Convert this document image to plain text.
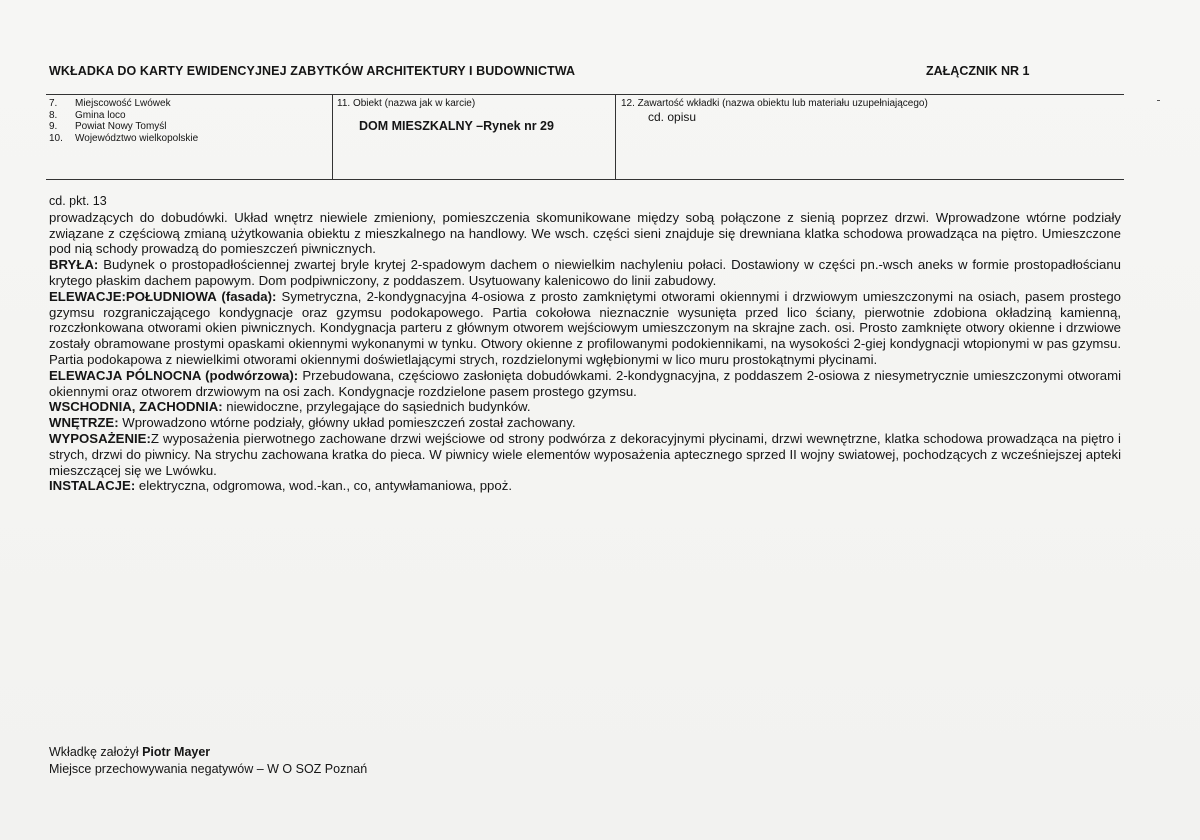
WKŁADKA DO KARTY EWIDENCYJNEJ ZABYTKÓW ARCHITEKTURY I BUDOWNICTWA	ZAŁĄCZNIK NR 1
7. Miejscowość Lwówek
8. Gmina loco
9. Powiat Nowy Tomyśl
10. Województwo wielkopolskie
11. Obiekt (nazwa jak w karcie)
DOM MIESZKALNY –Rynek nr 29
12. Zawartość wkładki (nazwa obiektu lub materiału uzupełniającego)
cd. opisu
cd. pkt. 13

prowadzących do dobudówki. Układ wnętrz niewiele zmieniony, pomieszczenia skomunikowane między sobą połączone z sienią poprzez drzwi. Wprowadzone wtórne podziały związane z częściową zmianą użytkowania obiektu z mieszkalnego na handlowy. We wsch. części sieni znajduje się drewniana klatka schodowa prowadząca na piętro. Umieszczone pod nią schody prowadzą do pomieszczeń piwnicznych.

BRYŁA: Budynek o prostopadłościennej zwartej bryle krytej 2-spadowym dachem o niewielkim nachyleniu połaci. Dostawiony w części pn.-wsch aneks w formie prostopadłościanu krytego płaskim dachem papowym. Dom podpiwniczony, z poddaszem. Usytuowany kalenicowo do linii zabudowy.

ELEWACJE:POŁUDNIOWA (fasada): Symetryczna, 2-kondygnacyjna 4-osiowa z prosto zamkniętymi otworami okiennymi i drzwiowym umieszczonymi na osiach, pasem prostego gzymsu rozgraniczającego kondygnacje oraz gzymsu podokapowego. Partia cokołowa nieznacznie wysunięta przed lico ściany, pierwotnie zdobiona okładziną kamienną, rozczłonkowana otworami okien piwnicznych. Kondygnacja parteru z głównym otworem wejściowym umieszczonym na skrajne zach. osi. Prosto zamknięte otwory okienne i drzwiowe zostały obramowane prostymi opaskami okiennymi wykonanymi w tynku. Otwory okienne z profilowanymi podokiennikami, na wysokości 2-giej kondygnacji wtopionymi w pas gzymsu. Partia podokapowa z niewielkimi otworami okiennymi doświetlającymi strych, rozdzielonymi wgłębionymi w lico muru prostokątnymi płycinami.

ELEWACJA PÓLNOCNA (podwórzowa): Przebudowana, częściowo zasłonięta dobudówkami. 2-kondygnacyjna, z poddaszem 2-osiowa z niesymetrycznie umieszczonymi otworami okiennymi oraz otworem drzwiowym na osi zach. Kondygnacje rozdzielone pasem prostego gzymsu.

WSCHODNIA, ZACHODNIA: niewidoczne, przylegające do sąsiednich budynków.

WNĘTRZE: Wprowadzono wtórne podziały, główny układ pomieszczeń został zachowany.

WYPOSAŻENIE:Z wyposażenia pierwotnego zachowane drzwi wejściowe od strony podwórza z dekoracyjnymi płycinami, drzwi wewnętrzne, klatka schodowa prowadząca na piętro i strych, drzwi do piwnicy. Na strychu zachowana kratka do pieca. W piwnicy wiele elementów wyposażenia aptecznego sprzed II wojny swiatowej, pochodzących z wcześniejszej apteki mieszczącej się we Lwówku.

INSTALACJE: elektryczna, odgromowa, wod.-kan., co, antywłamaniowa, ppoż.

Wkładkę założył Piotr Mayer
Miejsce przechowywania negatywów – W O SOZ Poznań
